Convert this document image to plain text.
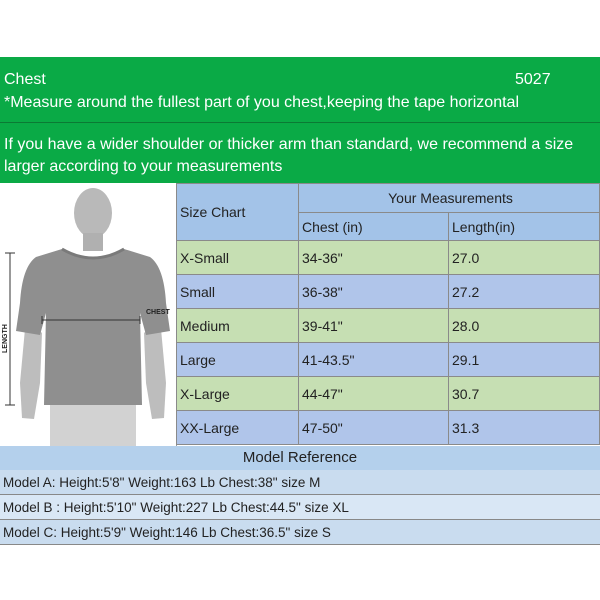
Chest	5027
*Measure around the fullest part of you chest,keeping the tape horizontal
If you have a wider shoulder or thicker arm than standard, we recommend a size larger according to your measurements
LENGTH
CHEST
Size Chart	Your Measurements	
	Chest (in)	Length(in)
X-Small	34-36"	27.0
Small	36-38"	27.2
Medium	39-41"	28.0
Large	41-43.5"	29.1
X-Large	44-47"	30.7
XX-Large	47-50"	31.3
Model Reference
Model A: Height:5'8" Weight:163 Lb Chest:38" size M
Model B : Height:5'10" Weight:227 Lb Chest:44.5" size XL
Model C: Height:5'9" Weight:146 Lb Chest:36.5" size S
